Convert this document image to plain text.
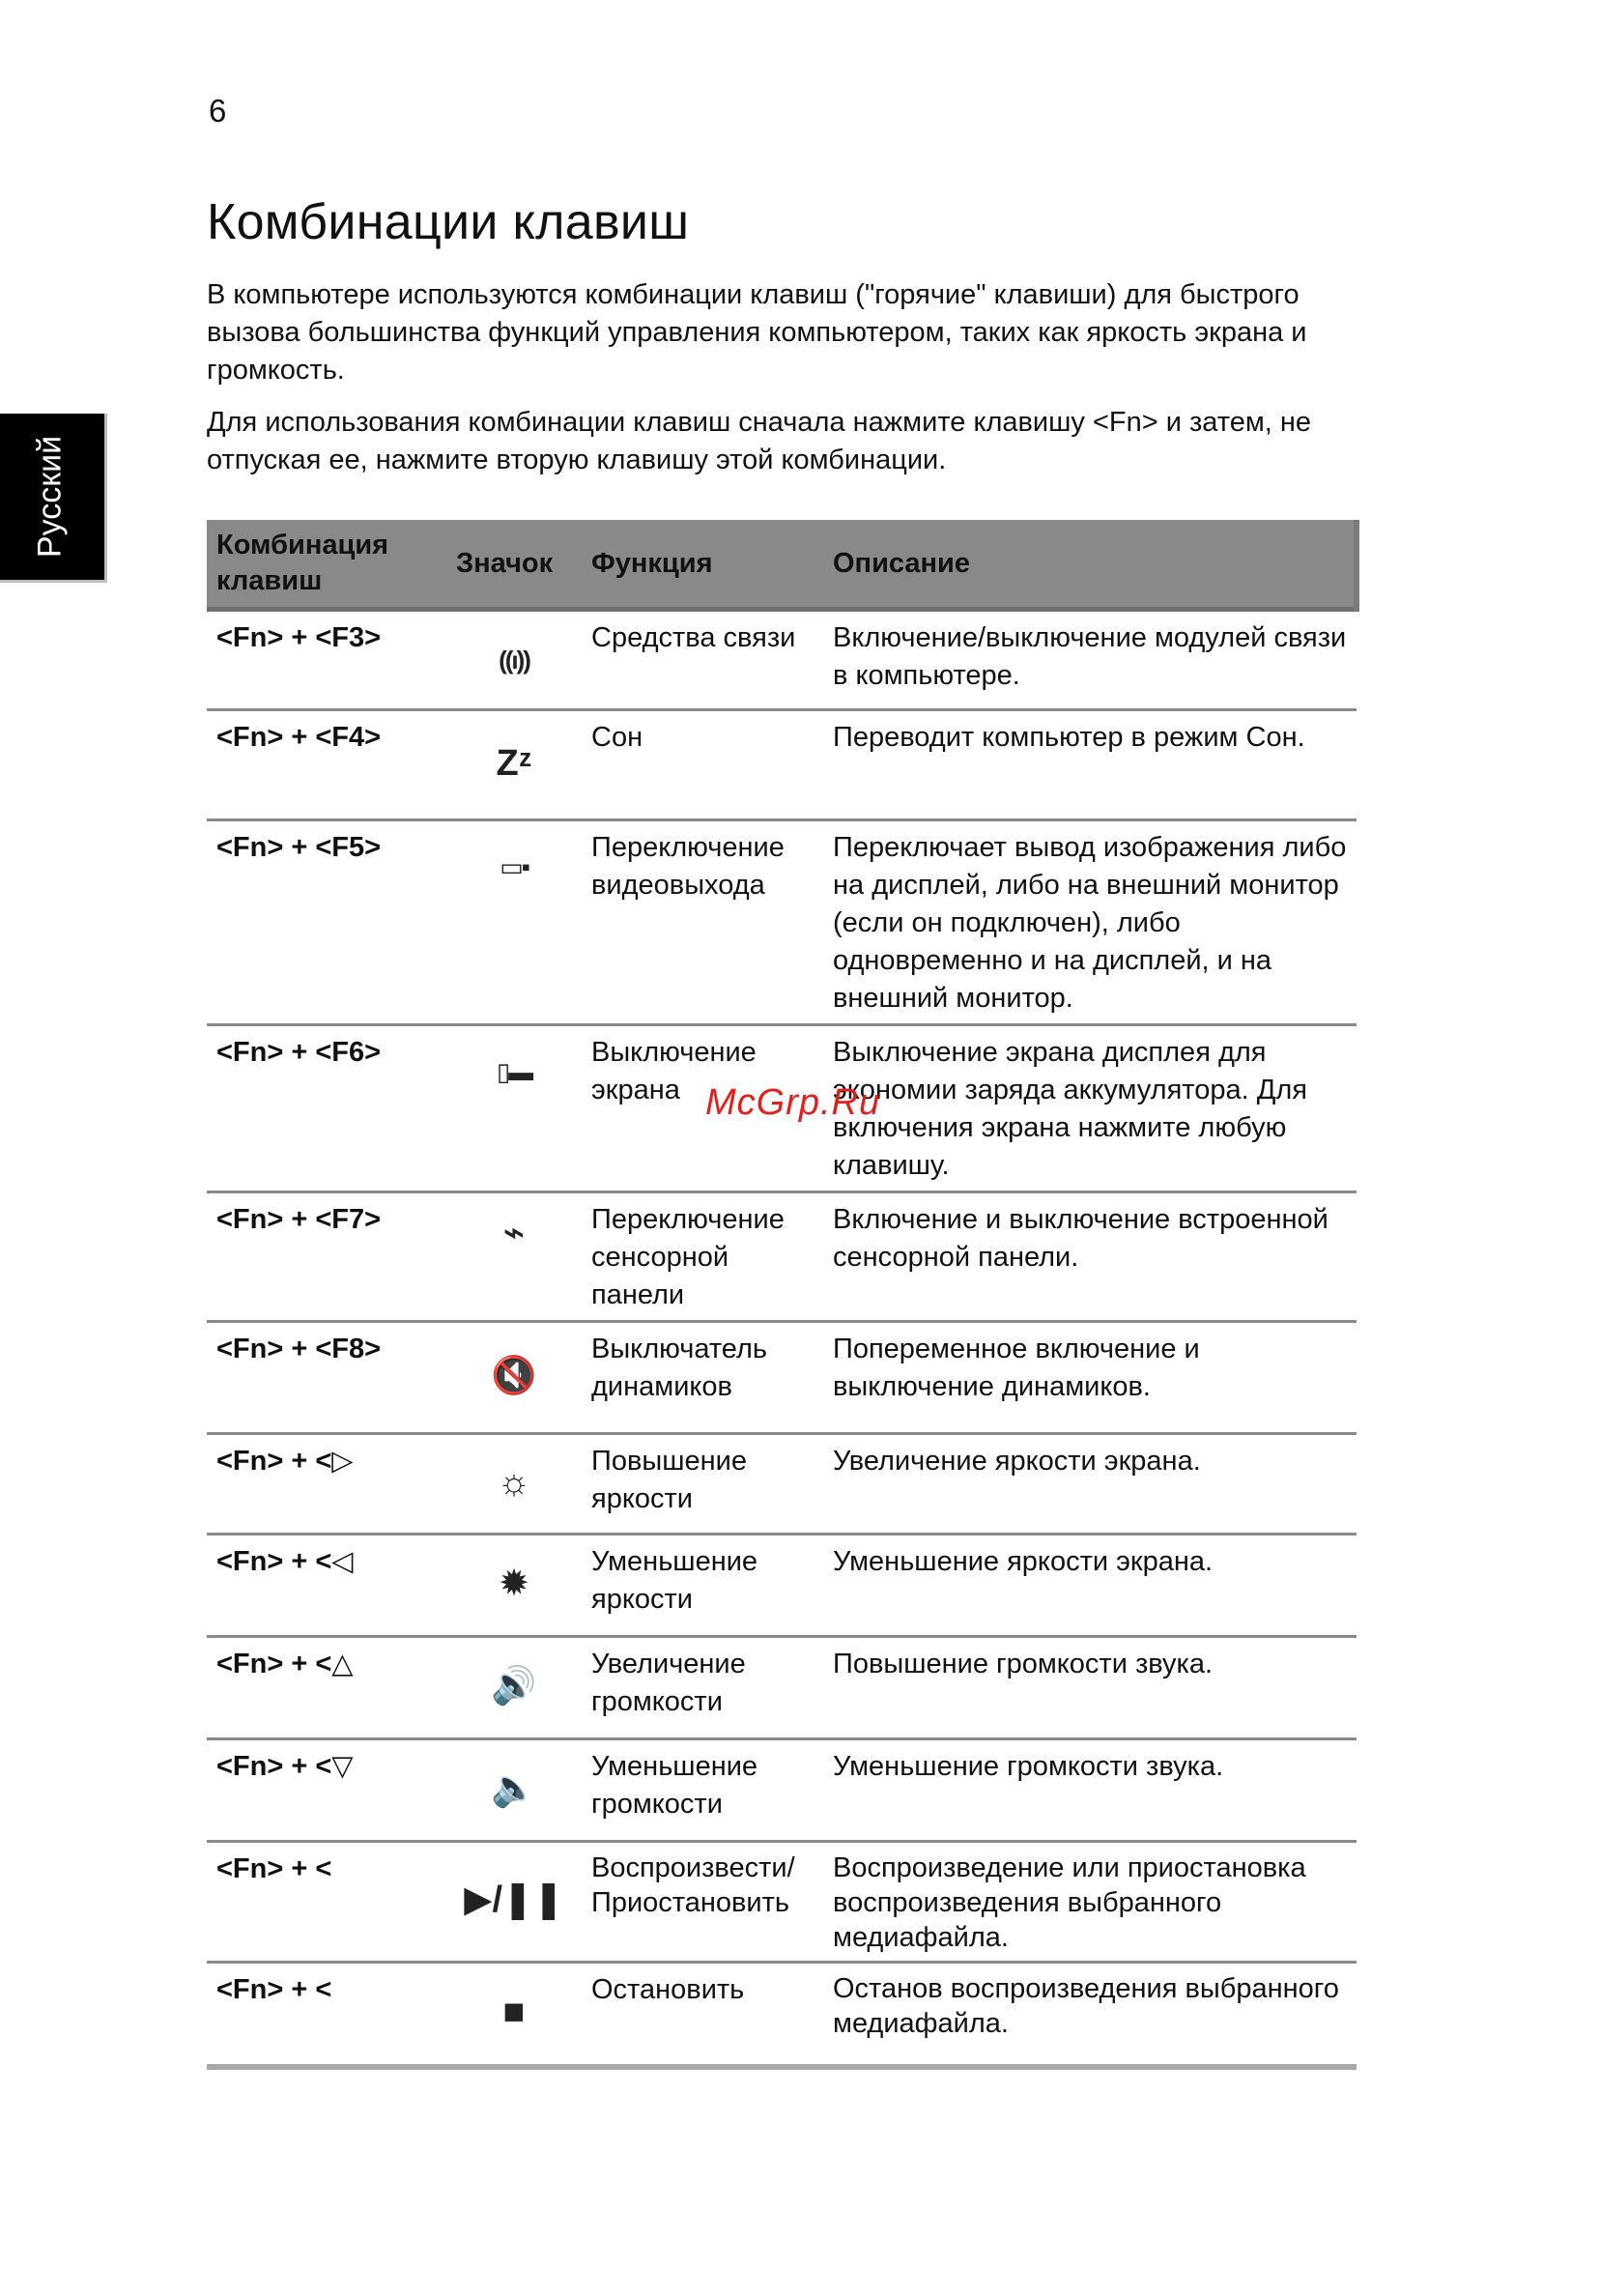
6
Русский
Комбинации клавиш

В компьютере используются комбинации клавиш ("горячие" клавиши) для быстрого вызова большинства функций управления компьютером, таких как яркость экрана и громкость.

Для использования комбинации клавиш сначала нажмите клавишу <Fn> и затем, не отпуская ее, нажмите вторую клавишу этой комбинации.

Комбинация клавиш	Значок	Функция	Описание
<Fn> + <F3>	((ı))	Средства связи	Включение/выключение модулей связи в компьютере.
<Fn> + <F4>	Zᶻ	Сон	Переводит компьютер в режим Сон.
<Fn> + <F5>	▭▪	Переключение видеовыхода	Переключает вывод изображения либо на дисплей, либо на внешний монитор (если он подключен), либо одновременно и на дисплей, и на внешний монитор.
<Fn> + <F6>	▯▬	Выключение экрана	Выключение экрана дисплея для экономии заряда аккумулятора. Для включения экрана нажмите любую клавишу.
<Fn> + <F7>	⌁	Переключение сенсорной панели	Включение и выключение встроенной сенсорной панели.
<Fn> + <F8>	🔇	Выключатель динамиков	Попеременное включение и выключение динамиков.
<Fn> + <▷	☼	Повышение яркости	Увеличение яркости экрана.
<Fn> + <◁	✹	Уменьшение яркости	Уменьшение яркости экрана.
<Fn> + <△	🔊	Увеличение громкости	Повышение громкости звука.
<Fn> + <▽	🔈	Уменьшение громкости	Уменьшение громкости звука.
<Fn> + <	▶/❚❚	Воспроизвести/ Приостановить	Воспроизведение или приостановка воспроизведения выбранного медиафайла.
<Fn> + <	■	Остановить	Останов воспроизведения выбранного медиафайла.
McGrp.Ru
